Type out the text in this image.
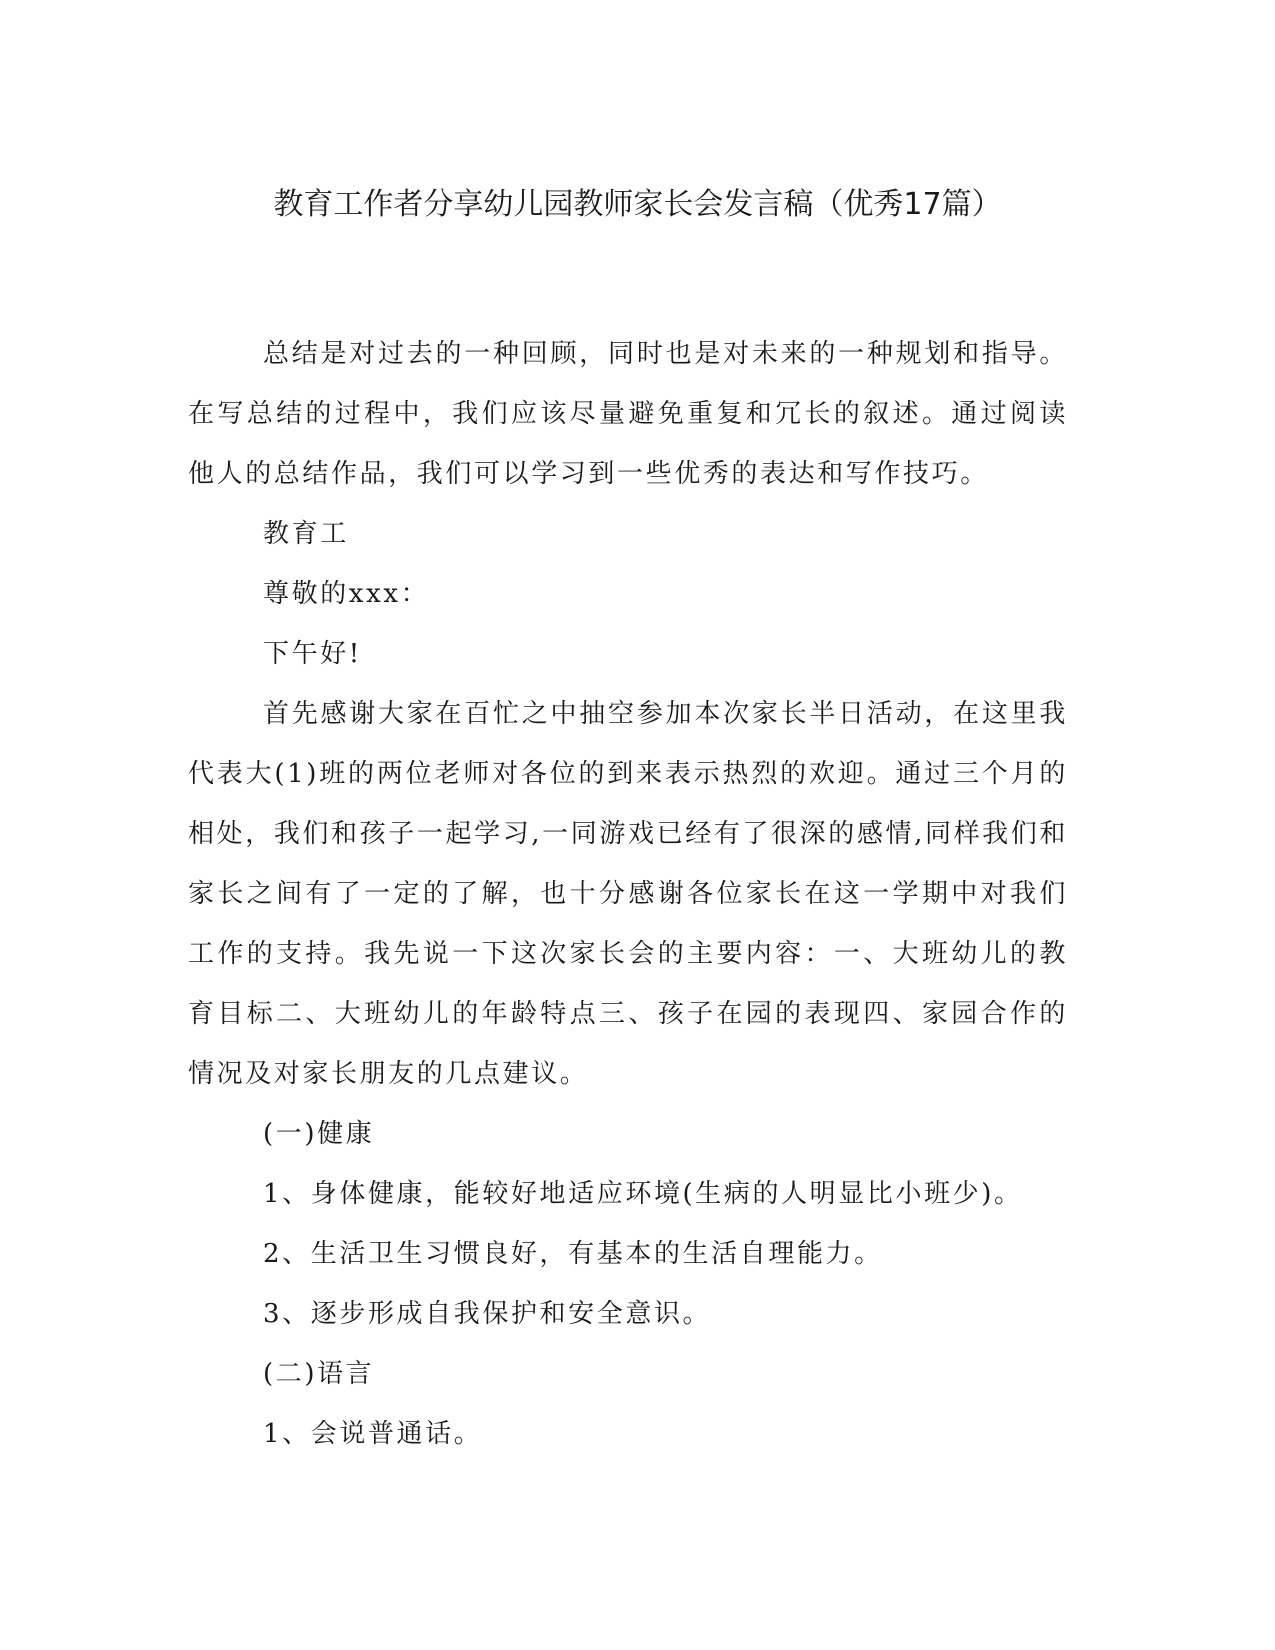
教育工作者分享幼儿园教师家长会发言稿（优秀17篇）

总结是对过去的一种回顾，同时也是对未来的一种规划和指导。在写总结的过程中，我们应该尽量避免重复和冗长的叙述。通过阅读他人的总结作品，我们可以学习到一些优秀的表达和写作技巧。

教育工

尊敬的xxx：

下午好!

首先感谢大家在百忙之中抽空参加本次家长半日活动，在这里我代表大(1)班的两位老师对各位的到来表示热烈的欢迎。通过三个月的相处，我们和孩子一起学习,一同游戏已经有了很深的感情,同样我们和家长之间有了一定的了解，也十分感谢各位家长在这一学期中对我们工作的支持。我先说一下这次家长会的主要内容：一、大班幼儿的教育目标二、大班幼儿的年龄特点三、孩子在园的表现四、家园合作的情况及对家长朋友的几点建议。

(一)健康

1、身体健康，能较好地适应环境(生病的人明显比小班少)。

2、生活卫生习惯良好，有基本的生活自理能力。

3、逐步形成自我保护和安全意识。

(二)语言

1、会说普通话。
